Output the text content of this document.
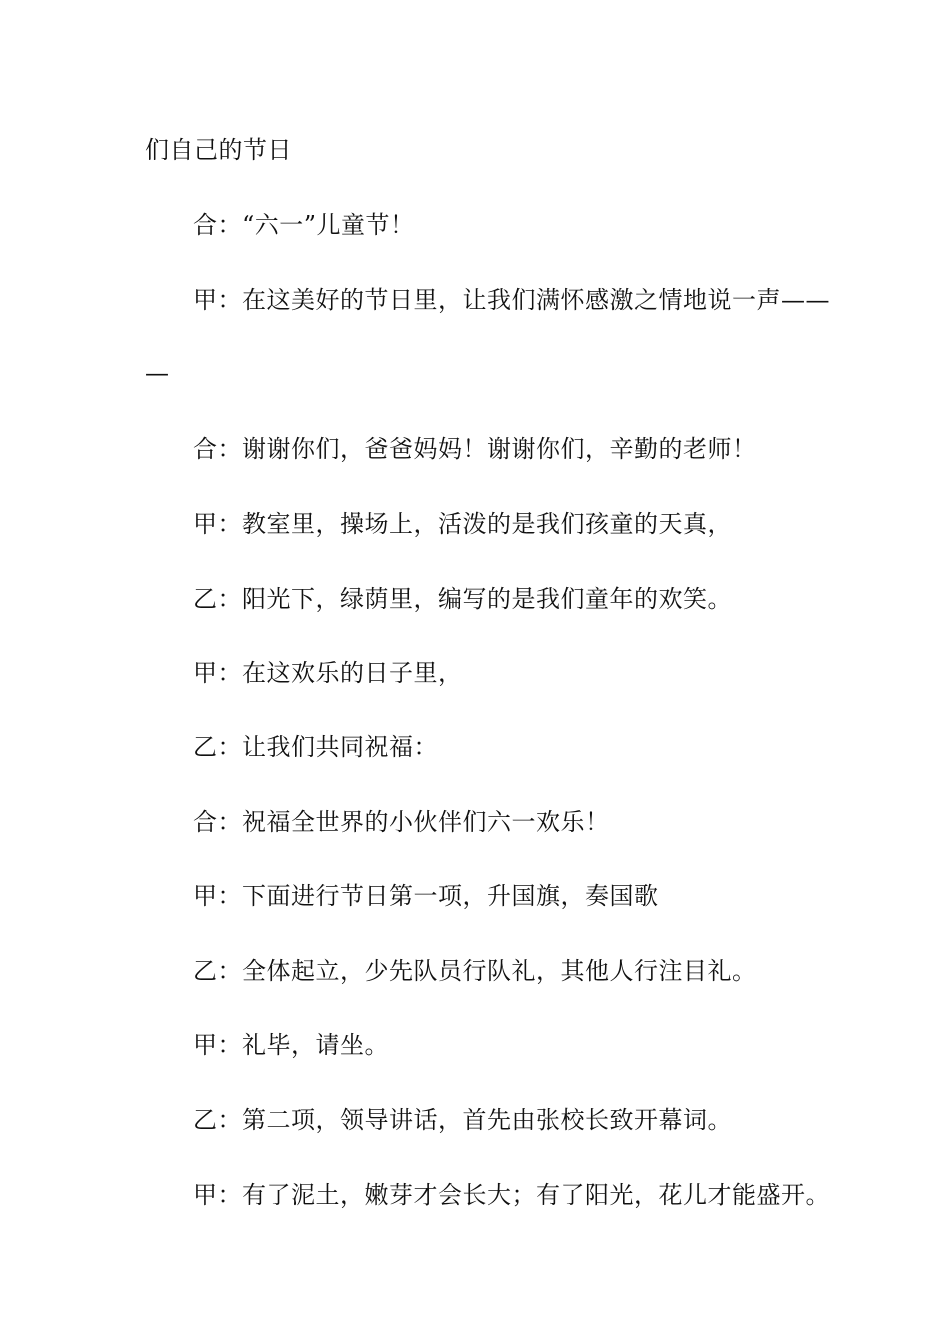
们自己的节日
合：“六一”儿童节！
甲：在这美好的节日里，让我们满怀感激之情地说一声——
—
合：谢谢你们，爸爸妈妈！谢谢你们，辛勤的老师！
甲：教室里，操场上，活泼的是我们孩童的天真，
乙：阳光下，绿荫里，编写的是我们童年的欢笑。
甲：在这欢乐的日子里，
乙：让我们共同祝福：
合：祝福全世界的小伙伴们六一欢乐！
甲：下面进行节日第一项，升国旗，奏国歌
乙：全体起立，少先队员行队礼，其他人行注目礼。
甲：礼毕，请坐。
乙：第二项，领导讲话，首先由张校长致开幕词。
甲：有了泥土，嫩芽才会长大；有了阳光，花儿才能盛开。
